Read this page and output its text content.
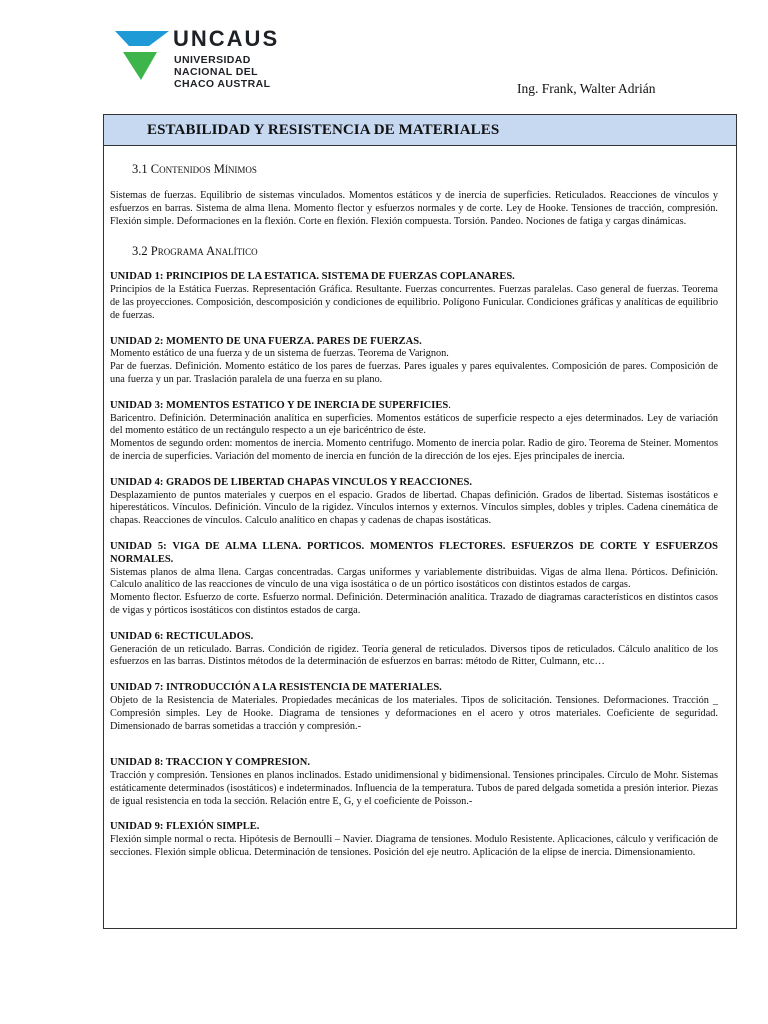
UNCAUS
UNIVERSIDAD
NACIONAL DEL
CHACO AUSTRAL	Ing. Frank, Walter Adrián
ESTABILIDAD Y RESISTENCIA DE MATERIALES
3.1 Contenidos Mínimos

Sistemas de fuerzas. Equilibrio de sistemas vinculados. Momentos estáticos y de inercia de superficies. Reticulados. Reacciones de vínculos y esfuerzos en barras. Sistema de alma llena. Momento flector y esfuerzos normales y de corte. Ley de Hooke. Tensiones de tracción, compresión. Flexión simple. Deformaciones en la flexión. Corte en flexión. Flexión compuesta. Torsión. Pandeo. Nociones de fatiga y cargas dinámicas.

3.2 Programa Analítico
UNIDAD 1: PRINCIPIOS DE LA ESTATICA. SISTEMA DE FUERZAS COPLANARES.

Principios de la Estática Fuerzas. Representación Gráfica. Resultante. Fuerzas concurrentes. Fuerzas paralelas. Caso general de fuerzas. Teorema de las proyecciones. Composición, descomposición y condiciones de equilibrio. Polígono Funicular. Condiciones gráficas y analíticas de equilibrio de fuerzas.

UNIDAD 2: MOMENTO DE UNA FUERZA. PARES DE FUERZAS.

Momento estático de una fuerza y de un sistema de fuerzas. Teorema de Varignon.

Par de fuerzas. Definición. Momento estático de los pares de fuerzas. Pares iguales y pares equivalentes. Composición de pares. Composición de una fuerza y un par. Traslación paralela de una fuerza en su plano.

UNIDAD 3: MOMENTOS ESTATICO Y DE INERCIA DE SUPERFICIES.

Baricentro. Definición. Determinación analítica en superficies. Momentos estáticos de superficie respecto a ejes determinados. Ley de variación del momento estático de un rectángulo respecto a un eje baricéntrico de éste.

Momentos de segundo orden: momentos de inercia. Momento centrifugo. Momento de inercia polar. Radio de giro. Teorema de Steiner. Momentos de inercia de superficies. Variación del momento de inercia en función de la dirección de los ejes. Ejes principales de inercia.

UNIDAD 4: GRADOS DE LIBERTAD CHAPAS VINCULOS Y REACCIONES.

Desplazamiento de puntos materiales y cuerpos en el espacio. Grados de libertad. Chapas definición. Grados de libertad. Sistemas isostáticos e hiperestáticos. Vínculos. Definición. Vinculo de la rigidez. Vínculos internos y externos. Vínculos simples, dobles y triples. Cadena cinemática de chapas. Reacciones de vínculos. Calculo analítico en chapas y cadenas de chapas isostáticas.

UNIDAD 5: VIGA DE ALMA LLENA. PORTICOS. MOMENTOS FLECTORES. ESFUERZOS DE CORTE Y ESFUERZOS NORMALES.

Sistemas planos de alma llena. Cargas concentradas. Cargas uniformes y variablemente distribuidas. Vigas de alma llena. Pórticos. Definición. Calculo analítico de las reacciones de vínculo de una viga isostática o de un pórtico isostáticos con distintos estados de cargas.

Momento flector. Esfuerzo de corte. Esfuerzo normal. Definición. Determinación analítica. Trazado de diagramas característicos en distintos casos de vigas y pórticos isostáticos con distintos estados de carga.

UNIDAD 6: RECTICULADOS.

Generación de un reticulado. Barras. Condición de rigidez. Teoría general de reticulados. Diversos tipos de reticulados. Cálculo analítico de los esfuerzos en las barras. Distintos métodos de la determinación de esfuerzos en barras: método de Ritter, Culmann, etc…

UNIDAD 7: INTRODUCCIÓN A LA RESISTENCIA DE MATERIALES.

Objeto de la Resistencia de Materiales. Propiedades mecánicas de los materiales. Tipos de solicitación. Tensiones. Deformaciones. Tracción _ Compresión simples. Ley de Hooke. Diagrama de tensiones y deformaciones en el acero y otros materiales. Coeficiente de seguridad. Dimensionado de barras sometidas a tracción y compresión.-

UNIDAD 8: TRACCION Y COMPRESION.

Tracción y compresión. Tensiones en planos inclinados. Estado unidimensional y bidimensional. Tensiones principales. Círculo de Mohr. Sistemas estáticamente determinados (isostáticos) e indeterminados. Influencia de la temperatura. Tubos de pared delgada sometida a presión interior. Piezas de igual resistencia en toda la sección. Relación entre E, G, y el coeficiente de Poisson.-

UNIDAD 9: FLEXIÓN SIMPLE.

Flexión simple normal o recta. Hipótesis de Bernoulli – Navier. Diagrama de tensiones. Modulo Resistente. Aplicaciones, cálculo y verificación de secciones. Flexión simple oblicua. Determinación de tensiones. Posición del eje neutro. Aplicación de la elipse de inercia. Dimensionamiento.
